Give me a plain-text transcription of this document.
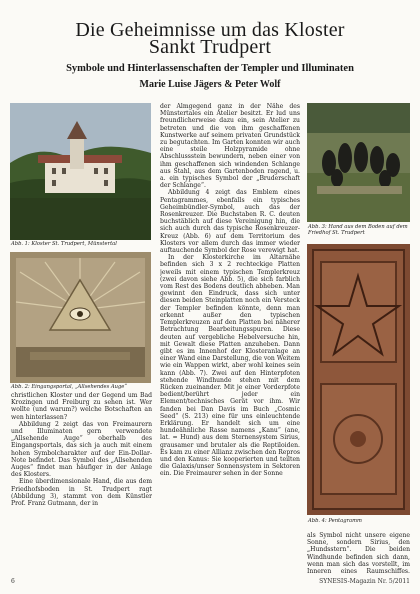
Die Geheimnisse um das Kloster
Sankt Trudpert
Symbole und Hinterlassenschaften der Templer und Illuminaten
Marie Luise Jägers & Peter Wolf
Abb. 1: Kloster St. Trudpert, Münstertal
Abb. 2: Eingangsportal, „Allsehendes Auge“

christlichen Kloster und der Gegend um Bad Krozingen und Freiburg zu sehen ist. Wer wollte (und warum?) welche Botschaften an wen hinterlassen?

Abbildung 2 zeigt das von Freimaurern und Illuminaten gern verwendete „Allsehende Auge“ oberhalb des Eingangsportals, das sich ja auch mit einem hohen Symbolcharakter auf der Ein-Dollar-Note befindet. Das Symbol des „Allsehenden Auges“ findet man häufiger in der Anlage des Klosters.

Eine überdimensionale Hand, die aus dem Friedhofsboden in St. Trudpert ragt (Abbildung 3), stammt von dem Künstler Prof. Franz Gutmann, der in

der Almgegend ganz in der Nähe des Münstertales ein Atelier besitzt. Er lud uns freundlicherweise dazu ein, sein Atelier zu betreten und die von ihm geschaffenen Kunstwerke auf seinem privaten Grundstück zu begutachten. Im Garten konnten wir auch eine steile Holzpyramide ohne Abschlussstein bewundern, neben einer von ihm geschaffenen sich windenden Schlange aus Stahl, aus dem Gartenboden ragend, u. a. ein typisches Symbol der „Bruderschaft der Schlange“.

Abbildung 4 zeigt das Emblem eines Pentagrammes, ebenfalls ein typisches Geheimbündler-Symbol, auch das der Rosenkreuzer. Die Buchstaben R. C. deuten buchstäblich auf diese Vereinigung hin, die sich auch durch das typische Rosenkreuzer-Kreuz (Abb. 6) auf dem Territorium des Klosters vor allem durch das immer wieder auftauchende Symbol der Rose verewigt hat.

In der Klosterkirche im Altarnähe befinden sich 3 x 2 rechteckige Platten jeweils mit einem typischen Templerkreuz (zwei davon siehe Abb. 5), die sich farblich vom Rest des Bodens deutlich abheben. Man gewinnt den Eindruck, dass sich unter diesen beiden Steinplatten noch ein Versteck der Templer befinden könnte, denn man erkennt außer den typischen Templerkreuzen auf den Platten bei näherer Betrachtung Bearbeitungsspuren. Diese deuten auf vergebliche Hebelversuche hin, mit Gewalt diese Platten anzuheben. Dann gibt es im Innenhof der Klosteranlage an einer Wand eine Darstellung, die von Weitem wie ein Wappen wirkt, aber wohl keines sein kann (Abb. 7). Zwei auf den Hinterpfoten stehende Windhunde stehen mit dem Rücken zueinander. Mit je einer Vorderpfote bedient/berührt jeder ein Element/technisches Gerät vor ihm. Wir fanden bei Dan Davis im Buch „Cosmic Seed“ (S. 213) eine für uns einleuchtende Erklärung. Er handelt sich um eine hundeähnliche Rasse namens „Kanu“ (ane, lat. = Hund) aus dem Sternensystem Sirius, grausamer und brutaler als die Reptiloiden. Es kam zu einer Allianz zwischen den Repros und den Kanus: Sie kooperierten und teilten die Galaxis/unser Sonnensystem in Sektoren ein. Die Freimaurer sehen in der Sonne

Abb. 3: Hand aus dem Boden auf dem Friedhof St. Trudpert
Abb. 4: Pentagramm

als Symbol nicht unsere eigene Sonne, sondern Sirius, den „Hundsstern“. Die beiden Windhunde befinden sich dann, wenn man sich das vorstellt, im Inneren eines Raumschiffes.

6	SYNESIS-Magazin Nr. 5/2011
